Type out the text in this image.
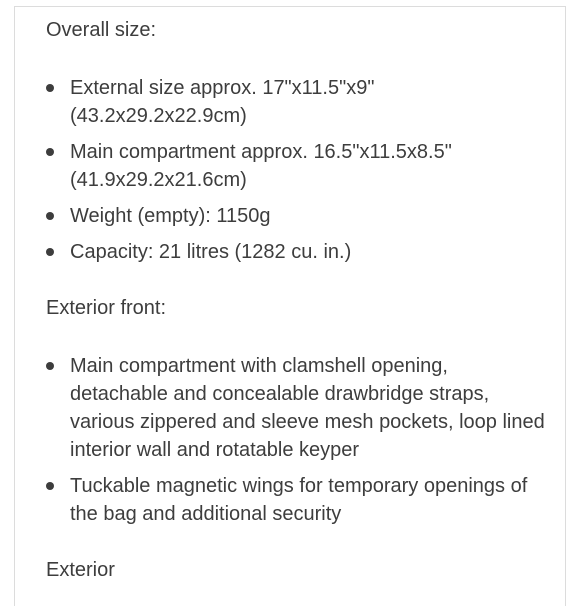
Overall size:

External size approx. 17"x11.5"x9" (43.2x29.2x22.9cm)
Main compartment approx. 16.5"x11.5x8.5" (41.9x29.2x21.6cm)
Weight (empty): 1150g
Capacity: 21 litres (1282 cu. in.)

Exterior front:

Main compartment with clamshell opening, detachable and concealable drawbridge straps, various zippered and sleeve mesh pockets, loop lined interior wall and rotatable keyper
Tuckable magnetic wings for temporary openings of the bag and additional security

Exterior
